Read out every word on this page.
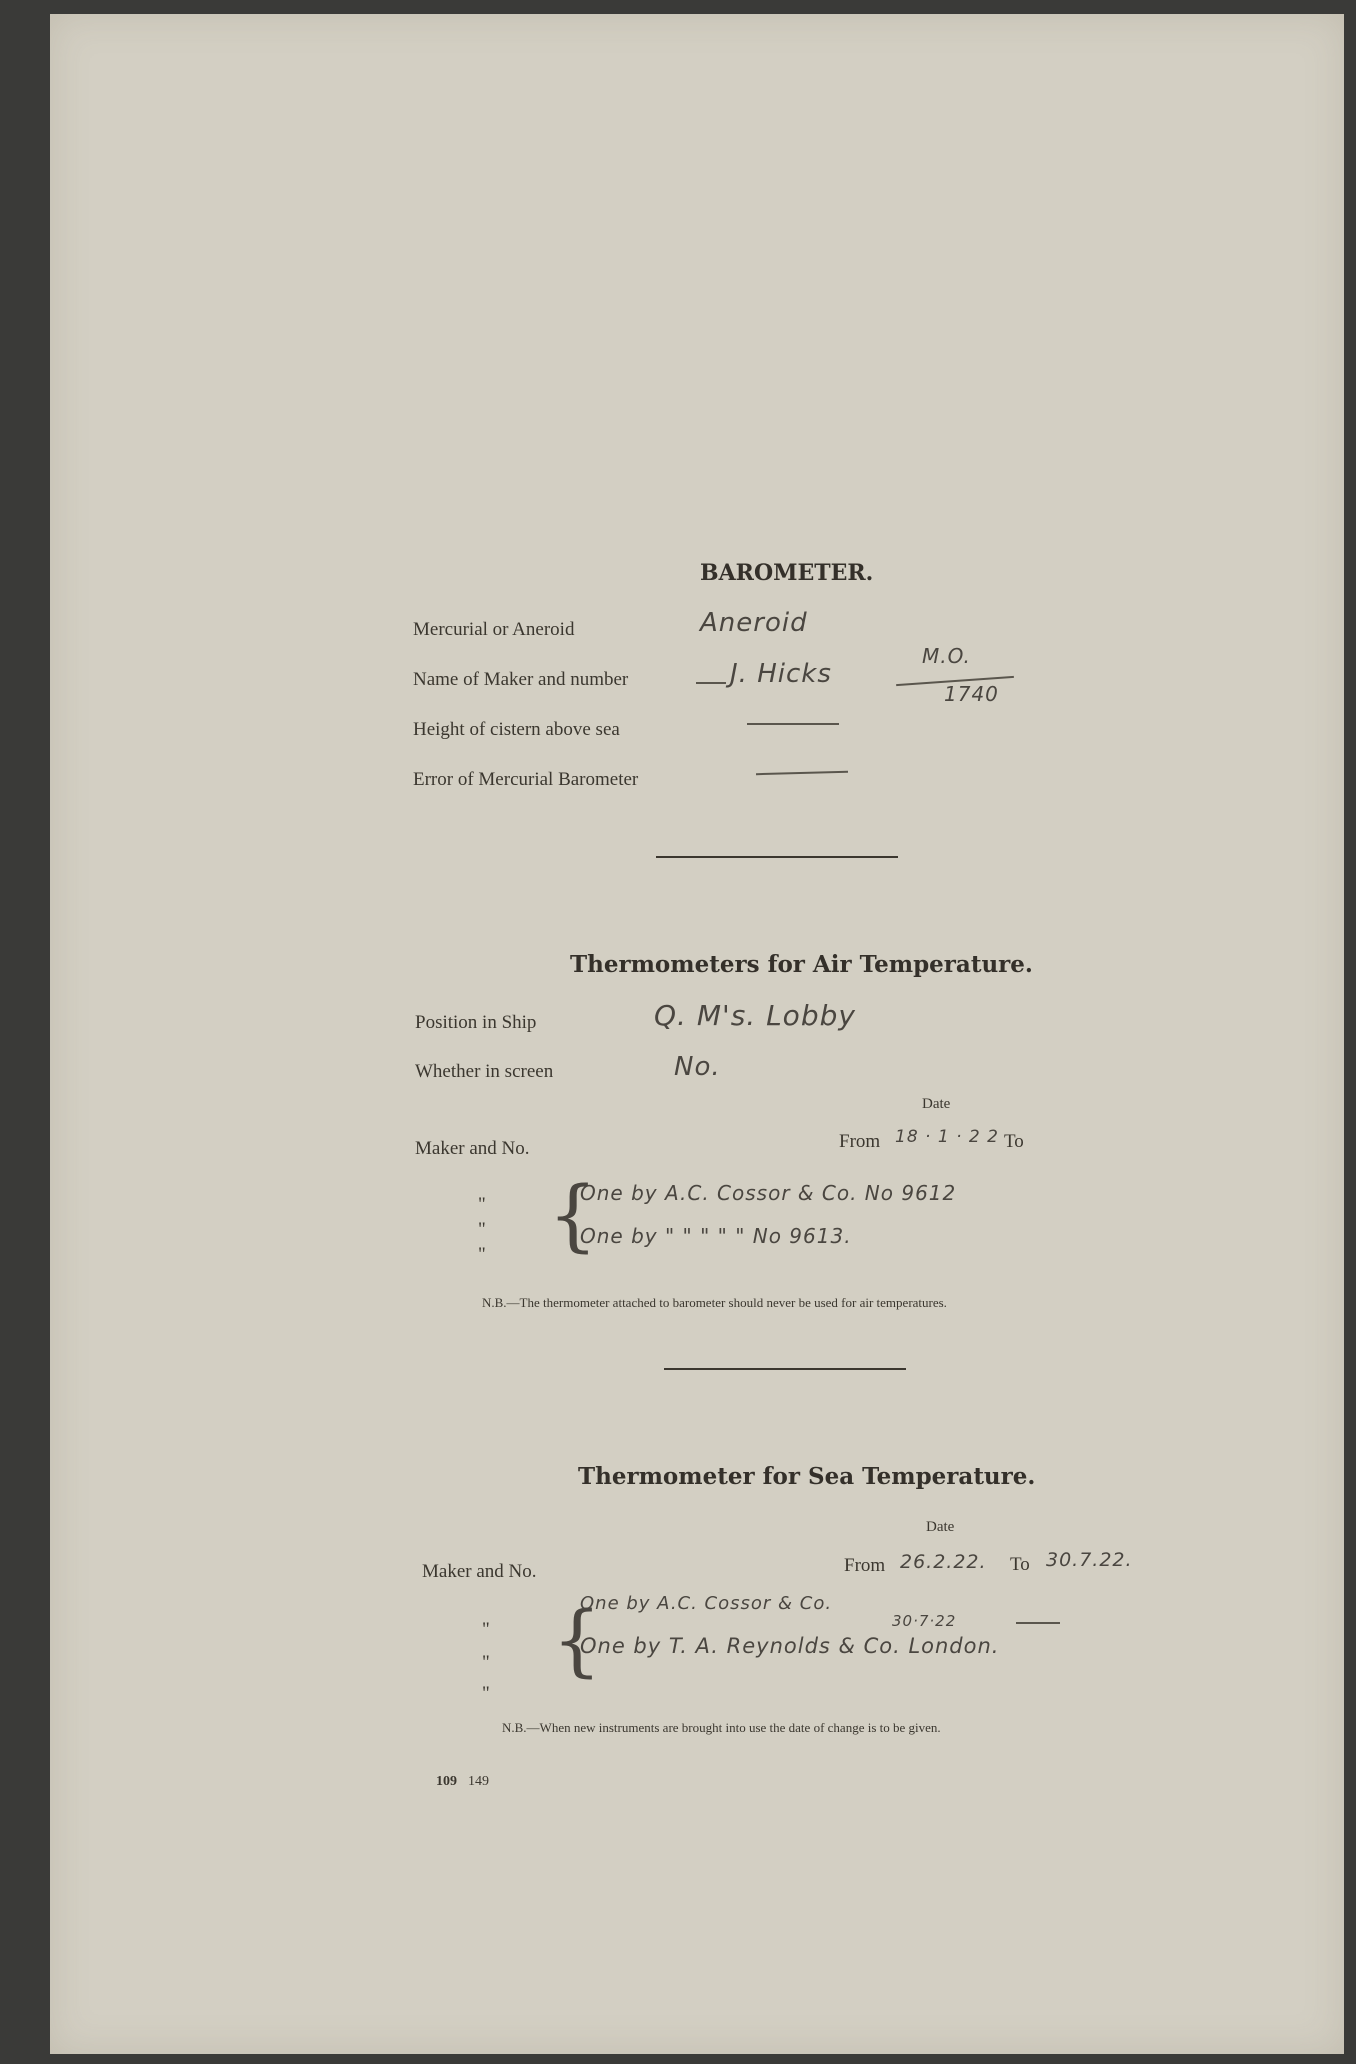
BAROMETER.
Mercurial or Aneroid	Aneroid
Name of Maker and number	J. Hicks
M.O.
1740
Height of cistern above sea
Error of Mercurial Barometer
Thermometers for Air Temperature.
Position in Ship	Q. M's. Lobby
Whether in screen	No.
Date
Maker and No.	From 18 · 1 · 2 2 To
"
"
" {
One by A.C. Cossor & Co. No 9612
One by " " " " " No 9613.
N.B.—The thermometer attached to barometer should never be used for air temperatures.
Thermometer for Sea Temperature.
Date
Maker and No.	From 26.2.22. To 30.7.22.
"
"
"
{
One by A.C. Cossor & Co.
30·7·22
One by T. A. Reynolds & Co. London.
N.B.—When new instruments are brought into use the date of change is to be given.
109 149
